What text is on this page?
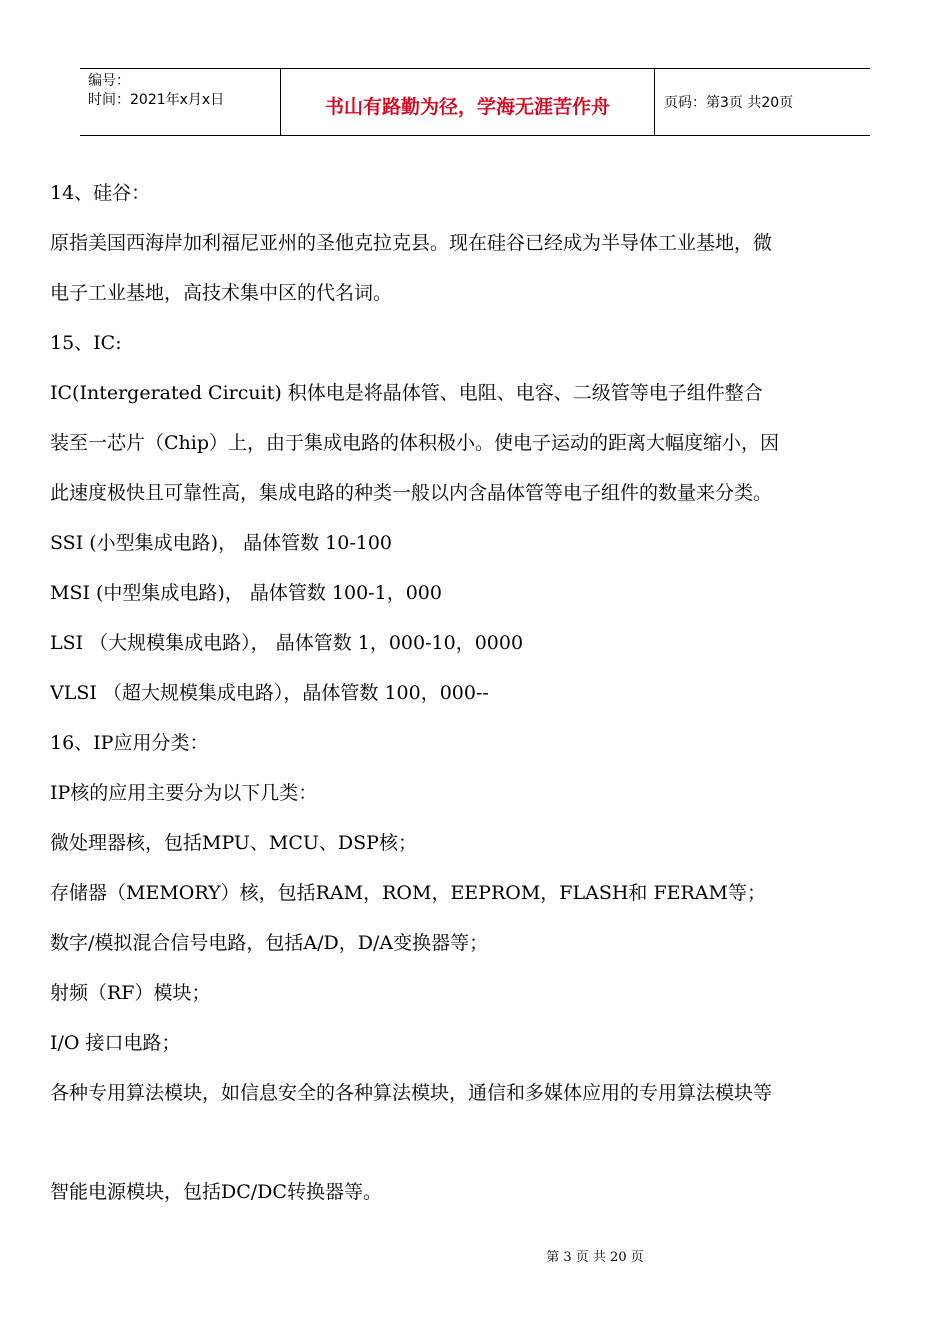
编号：
时间：2021年x月x日	书山有路勤为径，学海无涯苦作舟	页码：第3页 共20页
14、硅谷：
原指美国西海岸加利福尼亚州的圣他克拉克县。现在硅谷已经成为半导体工业基地，微
电子工业基地，高技术集中区的代名词。
15、IC:
IC(Intergerated Circuit) 积体电是将晶体管、电阻、电容、二级管等电子组件整合
装至一芯片（Chip）上，由于集成电路的体积极小。使电子运动的距离大幅度缩小，因
此速度极快且可靠性高，集成电路的种类一般以内含晶体管等电子组件的数量来分类。
SSI (小型集成电路)， 晶体管数 10-100
MSI (中型集成电路)， 晶体管数 100-1，000
LSI （大规模集成电路）， 晶体管数 1，000-10，0000
VLSI （超大规模集成电路），晶体管数 100，000--
16、IP应用分类：
IP核的应用主要分为以下几类：
微处理器核，包括MPU、MCU、DSP核；
存储器（MEMORY）核，包括RAM，ROM，EEPROM，FLASH和 FERAM等；
数字/模拟混合信号电路，包括A/D，D/A变换器等；
射频（RF）模块；
I/O 接口电路；
各种专用算法模块，如信息安全的各种算法模块，通信和多媒体应用的专用算法模块等
智能电源模块，包括DC/DC转换器等。
第 3 页 共 20 页
